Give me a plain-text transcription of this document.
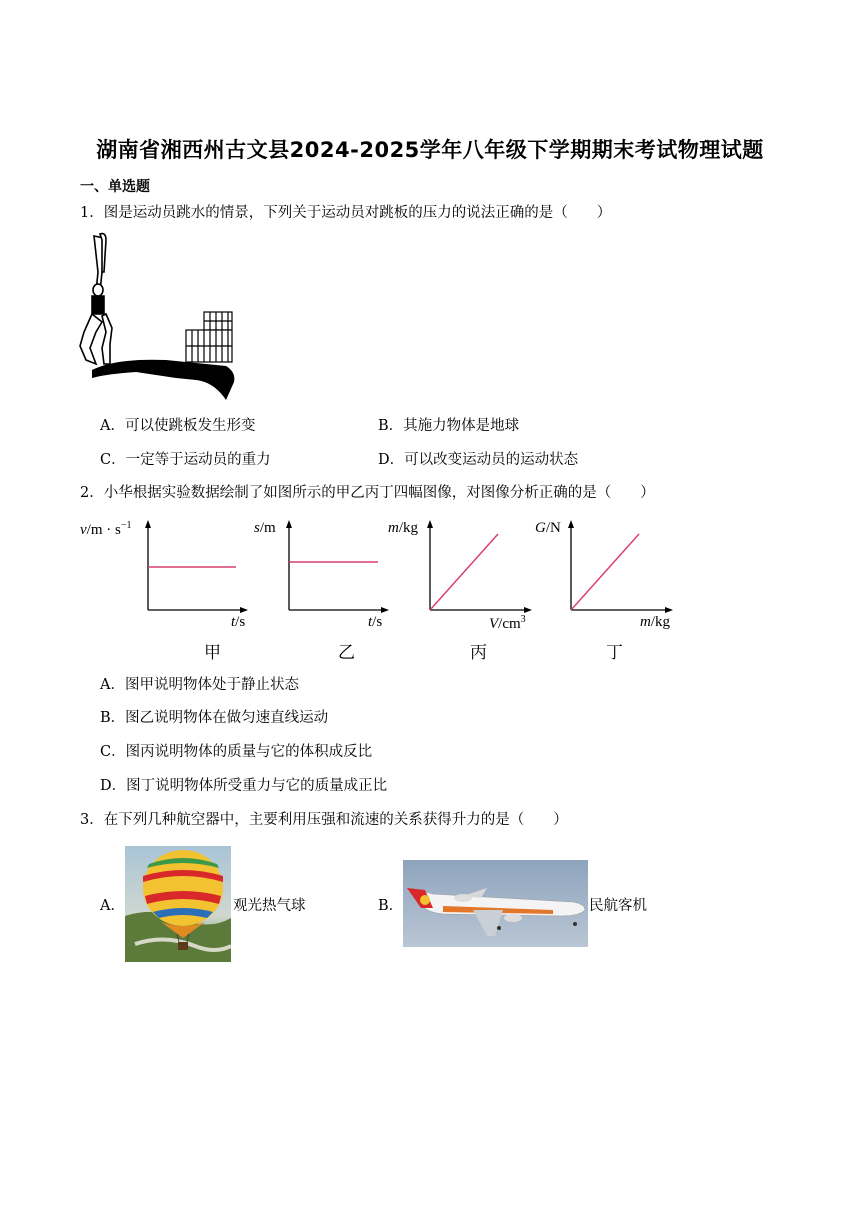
湖南省湘西州古文县2024-2025学年八年级下学期期末考试物理试题
一、单选题
1．图是运动员跳水的情景，下列关于运动员对跳板的压力的说法正确的是（　　）
A．可以使跳板发生形变	B．其施力物体是地球
C．一定等于运动员的重力	D．可以改变运动员的运动状态
2．小华根据实验数据绘制了如图所示的甲乙丙丁四幅图像，对图像分析正确的是（　　）
$v/m \cdot s^{-1}$
t/s
甲
s/m
t/s
乙
m/kg
$V/cm^3$
丙
G/N
m/kg
丁
A．图甲说明物体处于静止状态
B．图乙说明物体在做匀速直线运动
C．图丙说明物体的质量与它的体积成反比
D．图丁说明物体所受重力与它的质量成正比
3．在下列几种航空器中，主要利用压强和流速的关系获得升力的是（　　）
A．	观光热气球	B．	民航客机
